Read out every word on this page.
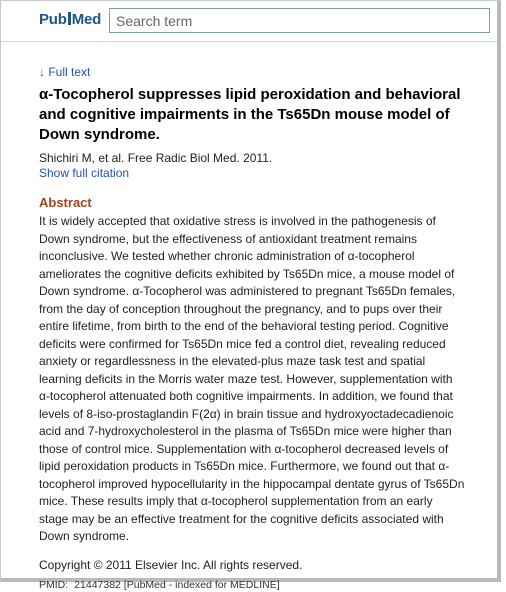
Pub Med
Search term
↓ Full text
α-Tocopherol suppresses lipid peroxidation and behavioral and cognitive impairments in the Ts65Dn mouse model of Down syndrome.
Shichiri M, et al. Free Radic Biol Med. 2011.
Show full citation
Abstract
It is widely accepted that oxidative stress is involved in the pathogenesis of Down syndrome, but the effectiveness of antioxidant treatment remains inconclusive. We tested whether chronic administration of α-tocopherol ameliorates the cognitive deficits exhibited by Ts65Dn mice, a mouse model of Down syndrome. α-Tocopherol was administered to pregnant Ts65Dn females, from the day of conception throughout the pregnancy, and to pups over their entire lifetime, from birth to the end of the behavioral testing period. Cognitive deficits were confirmed for Ts65Dn mice fed a control diet, revealing reduced anxiety or regardlessness in the elevated-plus maze task test and spatial learning deficits in the Morris water maze test. However, supplementation with α-tocopherol attenuated both cognitive impairments. In addition, we found that levels of 8-iso-prostaglandin F(2α) in brain tissue and hydroxyoctadecadienoic acid and 7-hydroxycholesterol in the plasma of Ts65Dn mice were higher than those of control mice. Supplementation with α-tocopherol decreased levels of lipid peroxidation products in Ts65Dn mice. Furthermore, we found out that α-tocopherol improved hypocellularity in the hippocampal dentate gyrus of Ts65Dn mice. These results imply that α-tocopherol supplementation from an early stage may be an effective treatment for the cognitive deficits associated with Down syndrome.
Copyright © 2011 Elsevier Inc. All rights reserved.
PMID: 21447382 [PubMed - indexed for MEDLINE]
